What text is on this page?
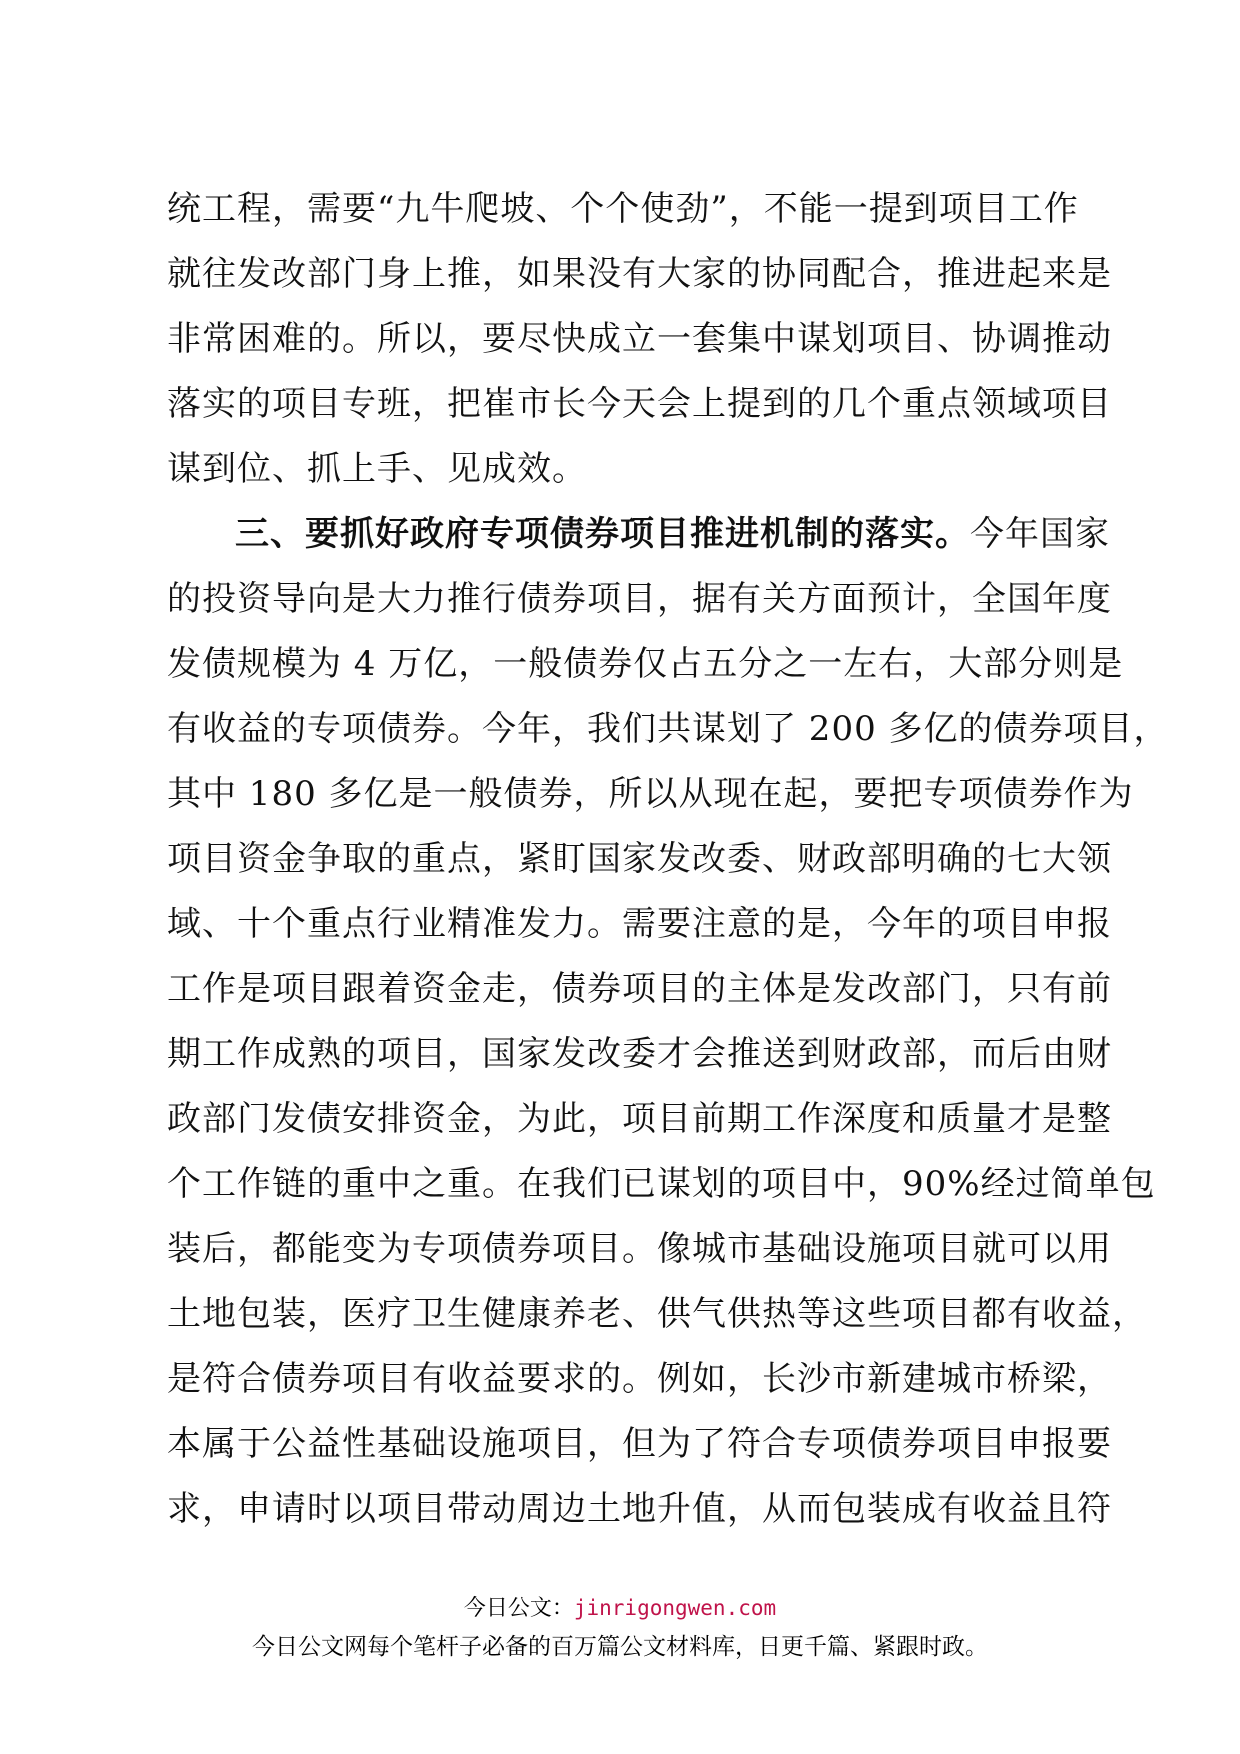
统工程，需要“九牛爬坡、个个使劲”，不能一提到项目工作
就往发改部门身上推，如果没有大家的协同配合，推进起来是
非常困难的。所以，要尽快成立一套集中谋划项目、协调推动
落实的项目专班，把崔市长今天会上提到的几个重点领域项目
谋到位、抓上手、见成效。
三、要抓好政府专项债券项目推进机制的落实。今年国家
的投资导向是大力推行债券项目，据有关方面预计，全国年度
发债规模为 4 万亿，一般债券仅占五分之一左右，大部分则是
有收益的专项债券。今年，我们共谋划了 200 多亿的债券项目，
其中 180 多亿是一般债券，所以从现在起，要把专项债券作为
项目资金争取的重点，紧盯国家发改委、财政部明确的七大领
域、十个重点行业精准发力。需要注意的是，今年的项目申报
工作是项目跟着资金走，债券项目的主体是发改部门，只有前
期工作成熟的项目，国家发改委才会推送到财政部，而后由财
政部门发债安排资金，为此，项目前期工作深度和质量才是整
个工作链的重中之重。在我们已谋划的项目中，90%经过简单包
装后，都能变为专项债券项目。像城市基础设施项目就可以用
土地包装，医疗卫生健康养老、供气供热等这些项目都有收益，
是符合债券项目有收益要求的。例如，长沙市新建城市桥梁，
本属于公益性基础设施项目，但为了符合专项债券项目申报要
求，申请时以项目带动周边土地升值，从而包装成有收益且符
今日公文：jinrigongwen.com
今日公文网每个笔杆子必备的百万篇公文材料库，日更千篇、紧跟时政。
